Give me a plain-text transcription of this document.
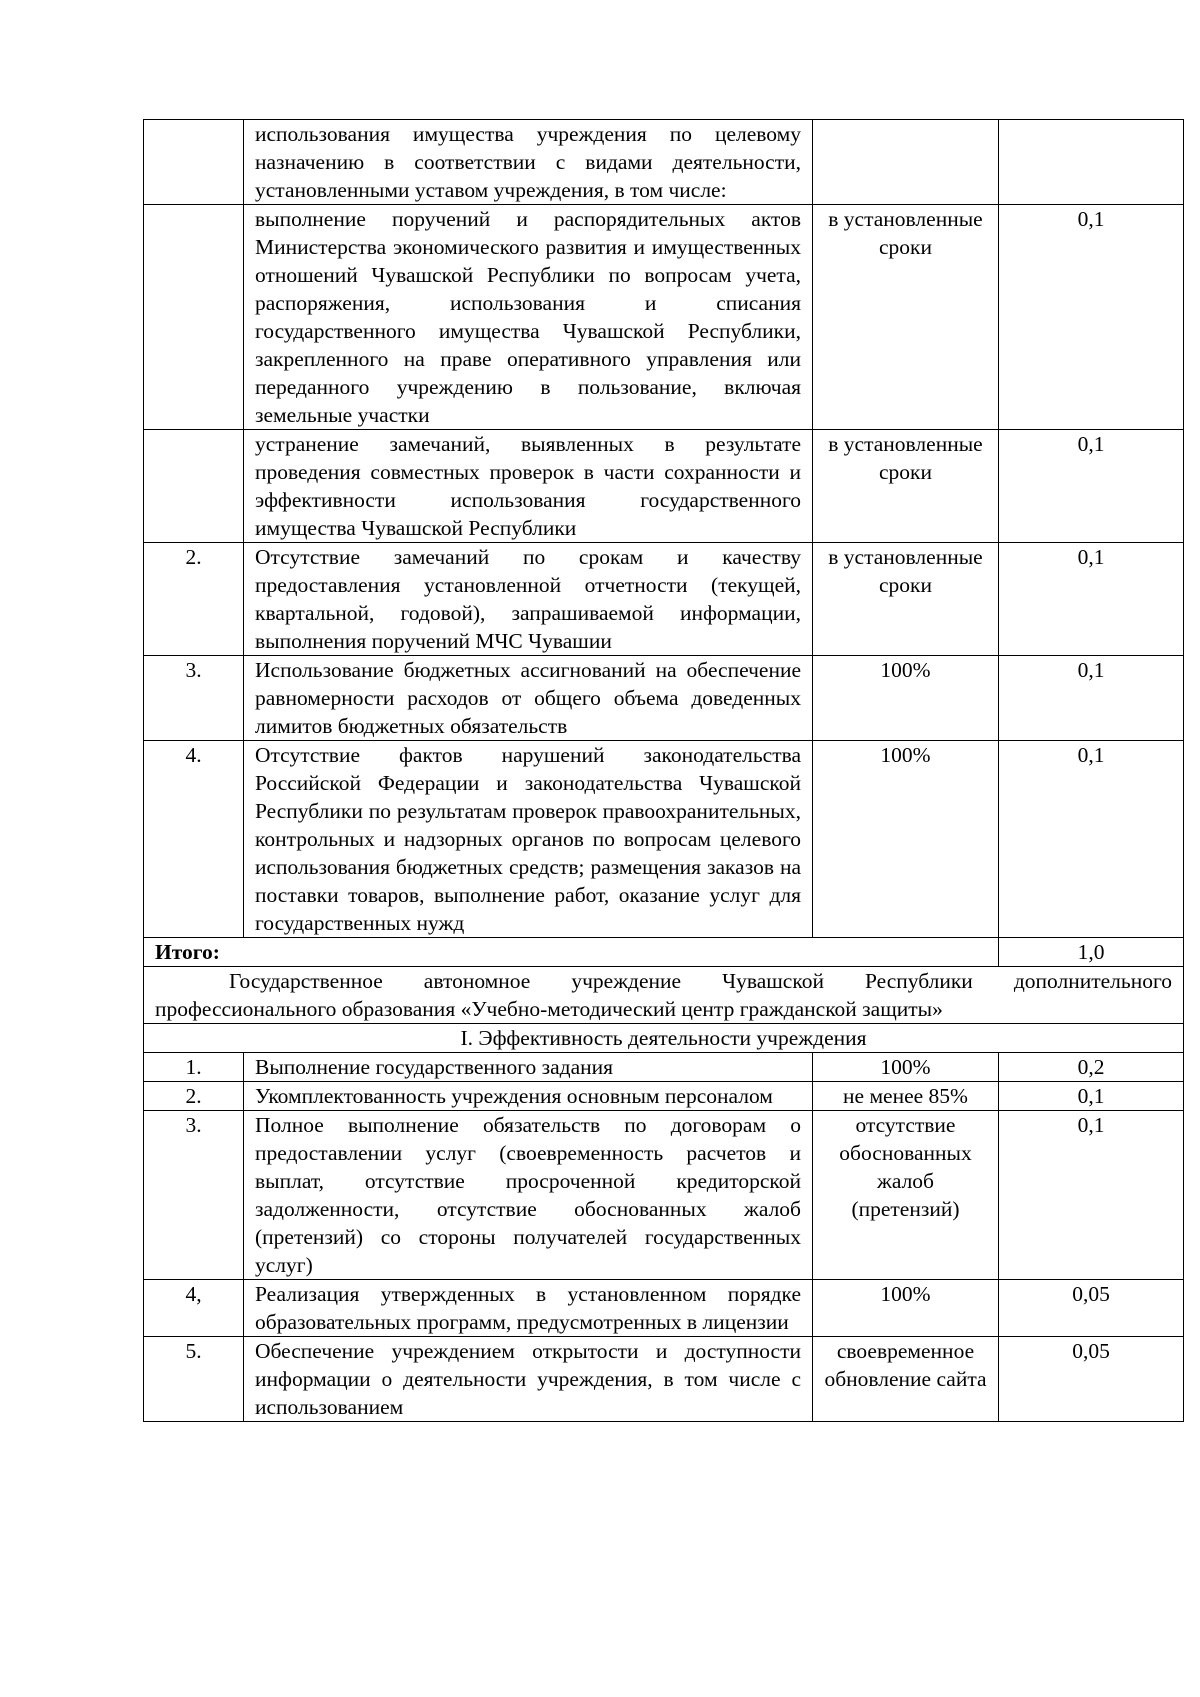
	использования имущества учреждения по целевому назначению в соответствии с видами деятельности, установленными уставом учреждения, в том числе:		
	выполнение поручений и распорядительных актов Министерства экономического развития и имущественных отношений Чувашской Республики по вопросам учета, распоряжения, использования и списания государственного имущества Чувашской Республики, закрепленного на праве оперативного управления или переданного учреждению в пользование, включая земельные участки	в установленные сроки	0,1
	устранение замечаний, выявленных в результате проведения совместных проверок в части сохранности и эффективности использования государственного имущества Чувашской Республики	в установленные сроки	0,1
2.	Отсутствие замечаний по срокам и качеству предоставления установленной отчетности (текущей, квартальной, годовой), запрашиваемой информации, выполнения поручений МЧС Чувашии	в установленные сроки	0,1
3.	Использование бюджетных ассигнований на обеспечение равномерности расходов от общего объема доведенных лимитов бюджетных обязательств	100%	0,1
4.	Отсутствие фактов нарушений законодательства Российской Федерации и законодательства Чувашской Республики по результатам проверок правоохранительных, контрольных и надзорных органов по вопросам целевого использования бюджетных средств; размещения заказов на поставки товаров, выполнение работ, оказание услуг для государственных нужд	100%	0,1
Итого:			1,0
Государственное автономное учреждение Чувашской Республики дополнительного профессионального образования «Учебно-методический центр гражданской защиты»			
I. Эффективность деятельности учреждения			
1.	Выполнение государственного задания	100%	0,2
2.	Укомплектованность учреждения основным персоналом	не менее 85%	0,1
3.	Полное выполнение обязательств по договорам о предоставлении услуг (своевременность расчетов и выплат, отсутствие просроченной кредиторской задолженности, отсутствие обоснованных жалоб (претензий) со стороны получателей государственных услуг)	отсутствие обоснованных жалоб (претензий)	0,1
4,	Реализация утвержденных в установленном порядке образовательных программ, предусмотренных в лицензии	100%	0,05
5.	Обеспечение учреждением открытости и доступности информации о деятельности учреждения, в том числе с использованием	своевременное обновление сайта	0,05
